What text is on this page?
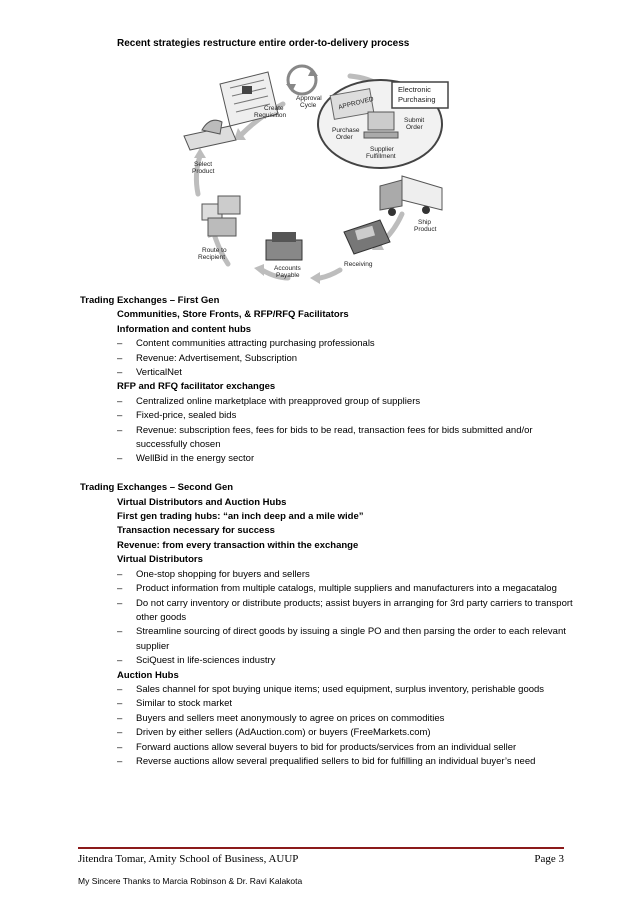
Recent strategies restructure entire order-to-delivery process
Approval
Cycle
Create
Requisition
Electronic
Purchasing
APPROVED
Purchase
Order
Submit
Order
Supplier
Fulfillment
Select
Product
Ship
Product
Route to
Recipient
Accounts
Payable
Receiving
Trading Exchanges – First Gen
Communities, Store Fronts, & RFP/RFQ Facilitators
Information and content hubs
– Content communities attracting purchasing professionals
– Revenue: Advertisement, Subscription
– VerticalNet
RFP and RFQ facilitator exchanges
– Centralized online marketplace with preapproved group of suppliers
– Fixed-price, sealed bids
– Revenue: subscription fees, fees for bids to be read, transaction fees for bids submitted and/or successfully chosen
– WellBid in the energy sector
Trading Exchanges – Second Gen
Virtual Distributors and Auction Hubs
First gen trading hubs: “an inch deep and a mile wide”
Transaction necessary for success
Revenue: from every transaction within the exchange
Virtual Distributors
– One-stop shopping for buyers and sellers
– Product information from multiple catalogs, multiple suppliers and manufacturers into a megacatalog
– Do not carry inventory or distribute products; assist buyers in arranging for 3rd party carriers to transport other goods
– Streamline sourcing of direct goods by issuing a single PO and then parsing the order to each relevant supplier
– SciQuest in life-sciences industry
Auction Hubs
– Sales channel for spot buying unique items; used equipment, surplus inventory, perishable goods
– Similar to stock market
– Buyers and sellers meet anonymously to agree on prices on commodities
– Driven by either sellers (AdAuction.com) or buyers (FreeMarkets.com)
– Forward auctions allow several buyers to bid for products/services from an individual seller
– Reverse auctions allow several prequalified sellers to bid for fulfilling an individual buyer’s need
Jitendra Tomar, Amity School of Business, AUUP	Page 3
My Sincere Thanks to Marcia Robinson & Dr. Ravi Kalakota
